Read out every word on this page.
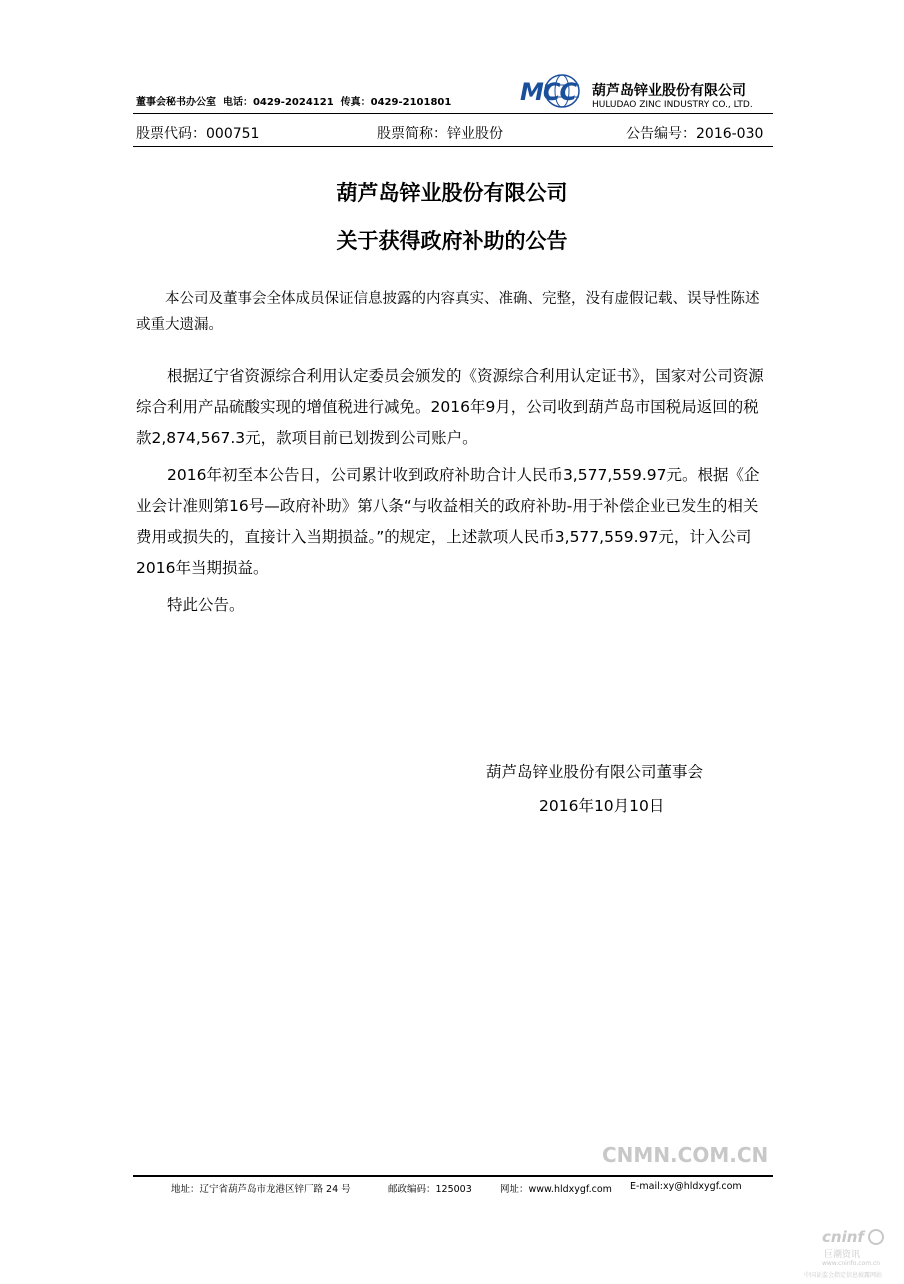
董事会秘书办公室 电话：0429-2024121 传真：0429-2101801	MCC 葫芦岛锌业股份有限公司
HULUDAO ZINC INDUSTRY CO., LTD.
股票代码：000751	股票简称：锌业股份	公告编号：2016-030
葫芦岛锌业股份有限公司
关于获得政府补助的公告

本公司及董事会全体成员保证信息披露的内容真实、准确、完整，没有虚假记载、误导性陈述或重大遗漏。

根据辽宁省资源综合利用认定委员会颁发的《资源综合利用认定证书》，国家对公司资源综合利用产品硫酸实现的增值税进行减免。2016年9月，公司收到葫芦岛市国税局返回的税款2,874,567.3元，款项目前已划拨到公司账户。

2016年初至本公告日，公司累计收到政府补助合计人民币3,577,559.97元。根据《企业会计准则第16号—政府补助》第八条“与收益相关的政府补助-用于补偿企业已发生的相关费用或损失的，直接计入当期损益。”的规定，上述款项人民币3,577,559.97元，计入公司2016年当期损益。

特此公告。

葫芦岛锌业股份有限公司董事会
2016年10月10日
CNMN.COM.CN
地址：辽宁省葫芦岛市龙港区锌厂路 24 号	邮政编码：125003	网址：www.hldxygf.com E-mail:xy@hldxygf.com
cninf
巨潮资讯
www.cninfo.com.cn
中国证监会指定信息披露网站
